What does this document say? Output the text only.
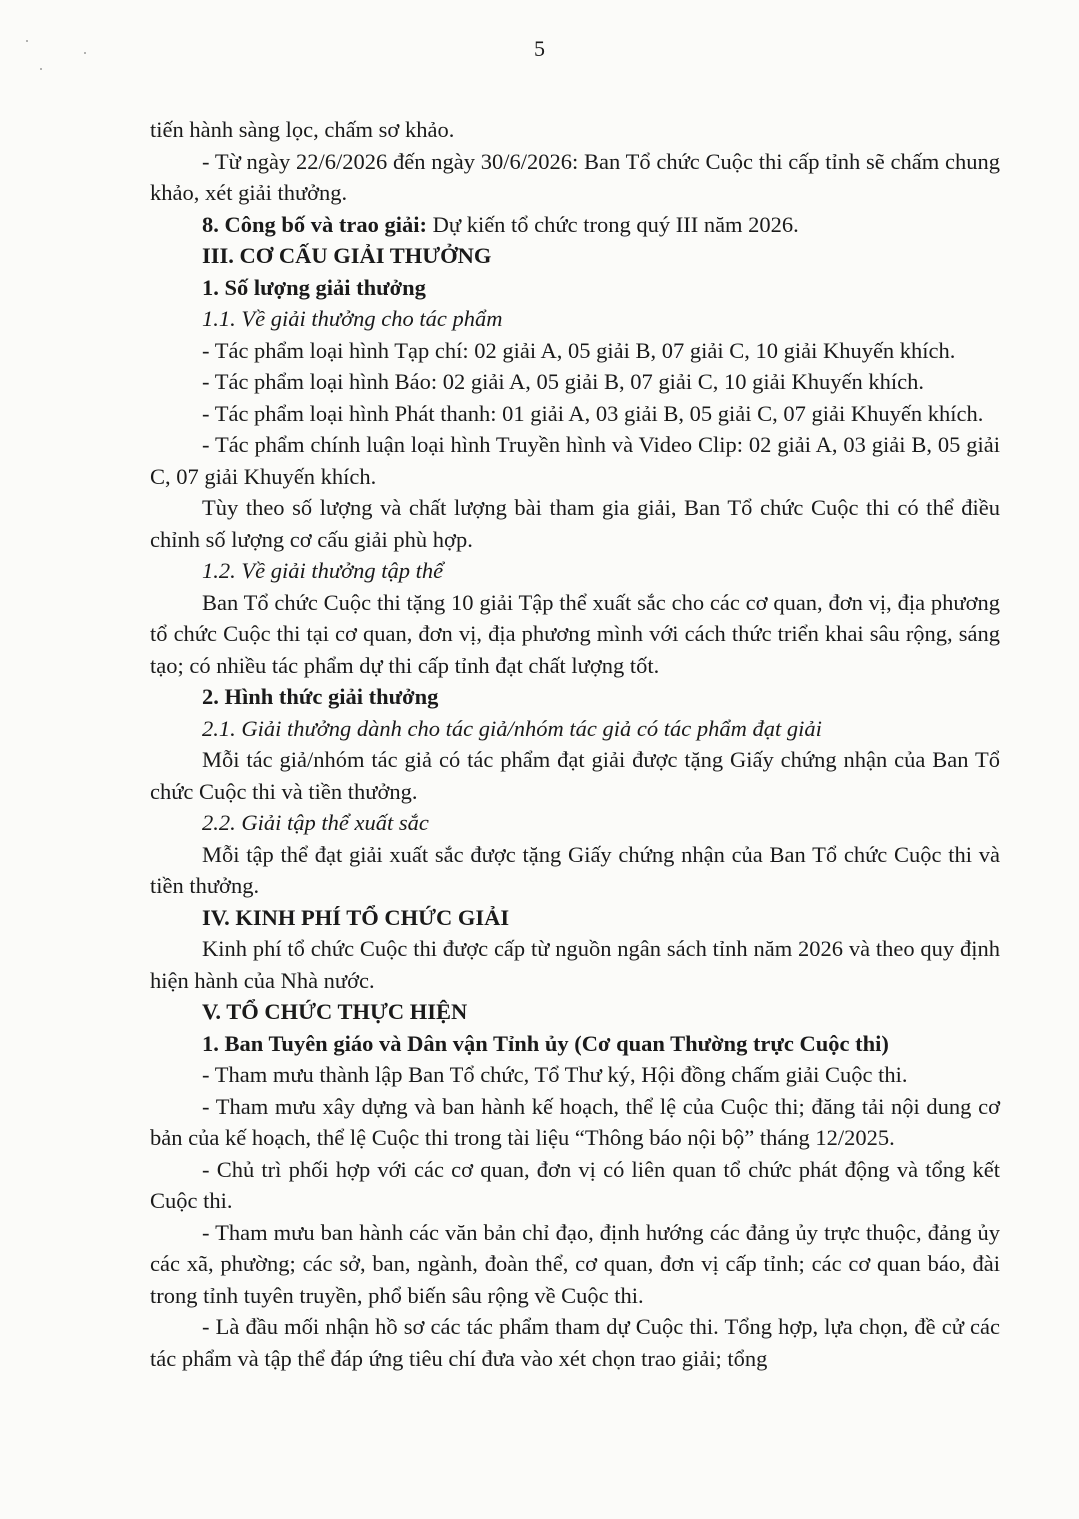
5

tiến hành sàng lọc, chấm sơ khảo.

- Từ ngày 22/6/2026 đến ngày 30/6/2026: Ban Tổ chức Cuộc thi cấp tỉnh sẽ chấm chung khảo, xét giải thưởng.

8. Công bố và trao giải: Dự kiến tổ chức trong quý III năm 2026.

III. CƠ CẤU GIẢI THƯỞNG

1. Số lượng giải thưởng

1.1. Về giải thưởng cho tác phẩm

- Tác phẩm loại hình Tạp chí: 02 giải A, 05 giải B, 07 giải C, 10 giải Khuyến khích.

- Tác phẩm loại hình Báo: 02 giải A, 05 giải B, 07 giải C, 10 giải Khuyến khích.

- Tác phẩm loại hình Phát thanh: 01 giải A, 03 giải B, 05 giải C, 07 giải Khuyến khích.

- Tác phẩm chính luận loại hình Truyền hình và Video Clip: 02 giải A, 03 giải B, 05 giải C, 07 giải Khuyến khích.

Tùy theo số lượng và chất lượng bài tham gia giải, Ban Tổ chức Cuộc thi có thể điều chỉnh số lượng cơ cấu giải phù hợp.

1.2. Về giải thưởng tập thể

Ban Tổ chức Cuộc thi tặng 10 giải Tập thể xuất sắc cho các cơ quan, đơn vị, địa phương tổ chức Cuộc thi tại cơ quan, đơn vị, địa phương mình với cách thức triển khai sâu rộng, sáng tạo; có nhiều tác phẩm dự thi cấp tỉnh đạt chất lượng tốt.

2. Hình thức giải thưởng

2.1. Giải thưởng dành cho tác giả/nhóm tác giả có tác phẩm đạt giải

Mỗi tác giả/nhóm tác giả có tác phẩm đạt giải được tặng Giấy chứng nhận của Ban Tổ chức Cuộc thi và tiền thưởng.

2.2. Giải tập thể xuất sắc

Mỗi tập thể đạt giải xuất sắc được tặng Giấy chứng nhận của Ban Tổ chức Cuộc thi và tiền thưởng.

IV. KINH PHÍ TỔ CHỨC GIẢI

Kinh phí tổ chức Cuộc thi được cấp từ nguồn ngân sách tỉnh năm 2026 và theo quy định hiện hành của Nhà nước.

V. TỔ CHỨC THỰC HIỆN

1. Ban Tuyên giáo và Dân vận Tỉnh ủy (Cơ quan Thường trực Cuộc thi)

- Tham mưu thành lập Ban Tổ chức, Tổ Thư ký, Hội đồng chấm giải Cuộc thi.

- Tham mưu xây dựng và ban hành kế hoạch, thể lệ của Cuộc thi; đăng tải nội dung cơ bản của kế hoạch, thể lệ Cuộc thi trong tài liệu “Thông báo nội bộ” tháng 12/2025.

- Chủ trì phối hợp với các cơ quan, đơn vị có liên quan tổ chức phát động và tổng kết Cuộc thi.

- Tham mưu ban hành các văn bản chỉ đạo, định hướng các đảng ủy trực thuộc, đảng ủy các xã, phường; các sở, ban, ngành, đoàn thể, cơ quan, đơn vị cấp tỉnh; các cơ quan báo, đài trong tỉnh tuyên truyền, phổ biến sâu rộng về Cuộc thi.

- Là đầu mối nhận hồ sơ các tác phẩm tham dự Cuộc thi. Tổng hợp, lựa chọn, đề cử các tác phẩm và tập thể đáp ứng tiêu chí đưa vào xét chọn trao giải; tổng
